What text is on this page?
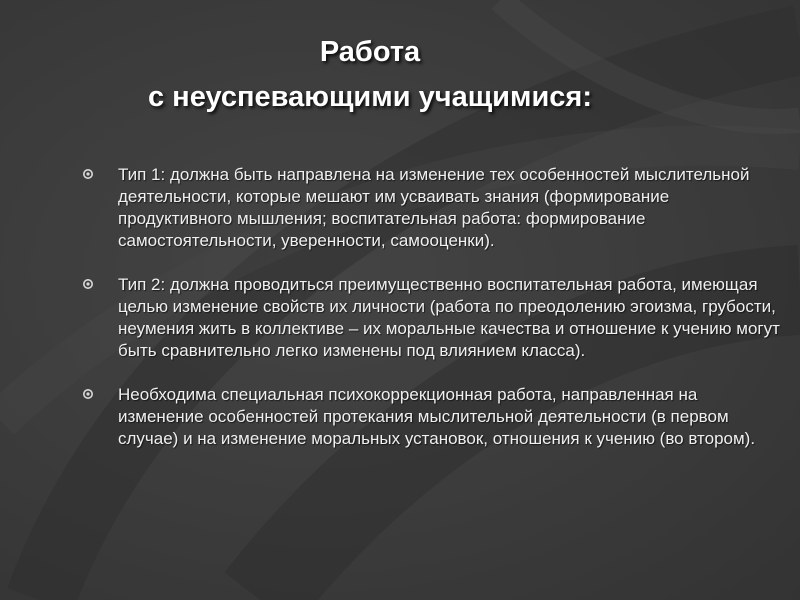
Работа
с неуспевающими учащимися:
Тип 1: должна быть направлена на изменение тех особенностей мыслительной деятельности, которые мешают им усваивать знания (формирование продуктивного мышления; воспитательная работа: формирование самостоятельности, уверенности, самооценки).
Тип 2: должна проводиться преимущественно воспитательная работа, имеющая целью изменение свойств их личности (работа по преодолению эгоизма, грубости, неумения жить в коллективе – их моральные качества и отношение к учению могут быть сравнительно легко изменены под влиянием класса).
Необходима специальная психокоррекционная работа, направленная на изменение особенностей протекания мыслительной деятельности (в первом случае) и на изменение моральных установок, отношения к учению (во втором).
